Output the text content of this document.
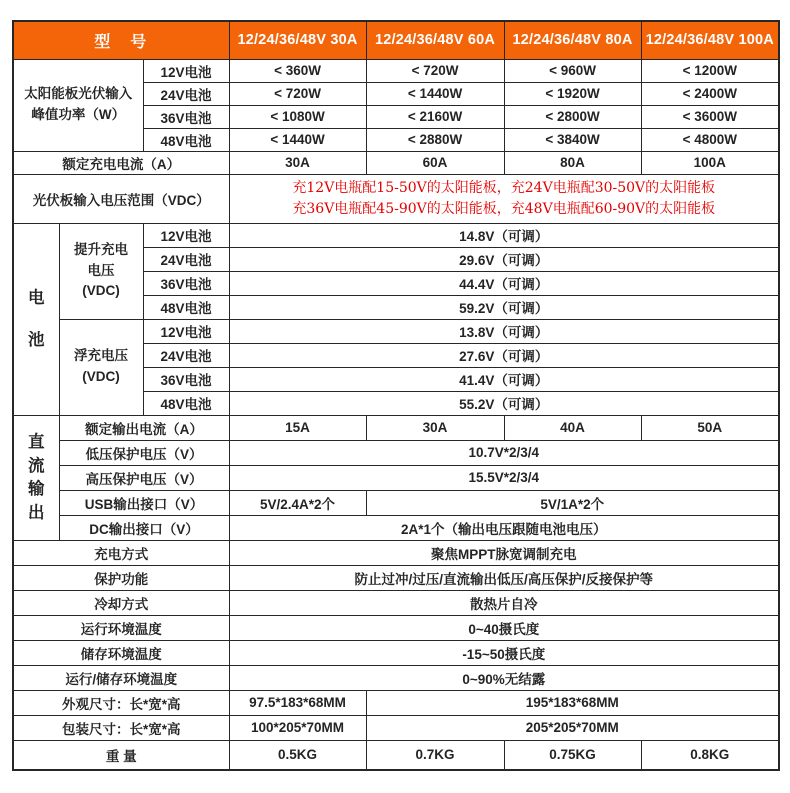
型　号			12/24/36/48V 30A	12/24/36/48V 60A	12/24/36/48V 80A	12/24/36/48V 100A
太阳能板光伏输入
峰值功率（W）		12V电池	< 360W	< 720W	< 960W	< 1200W
		24V电池	< 720W	< 1440W	< 1920W	< 2400W
		36V电池	< 1080W	< 2160W	< 2800W	< 3600W
		48V电池	< 1440W	< 2880W	< 3840W	< 4800W
额定充电电流（A）			30A	60A	80A	100A
光伏板输入电压范围（VDC）			充12V电瓶配15-50V的太阳能板，充24V电瓶配30-50V的太阳能板
充36V电瓶配45-90V的太阳能板，充48V电瓶配60-90V的太阳能板			

电
池	提升充电
电压
(VDC)	12V电池	14.8V（可调）			
		24V电池	29.6V（可调）			
		36V电池	44.4V（可调）			
		48V电池	59.2V（可调）			
	浮充电压
(VDC)	12V电池	13.8V（可调）			
		24V电池	27.6V（可调）			
		36V电池	41.4V（可调）			
		48V电池	55.2V（可调）			

直
流
输
出	额定输出电流（A）		15A	30A	40A	50A
	低压保护电压（V）		10.7V*2/3/4			
	高压保护电压（V）		15.5V*2/3/4			
	USB输出接口（V）		5V/2.4A*2个	5V/1A*2个		
	DC输出接口（V）		2A*1个（输出电压跟随电池电压）			
充电方式			聚焦MPPT脉宽调制充电			
保护功能			防止过冲/过压/直流输出低压/高压保护/反接保护等			
冷却方式			散热片自冷			
运行环境温度			0~40摄氏度			
储存环境温度			-15~50摄氏度			
运行/储存环境温度			0~90%无结露			
外观尺寸：长*宽*高			97.5*183*68MM	195*183*68MM		
包装尺寸：长*宽*高			100*205*70MM	205*205*70MM		
重 量			0.5KG	0.7KG	0.75KG	0.8KG
